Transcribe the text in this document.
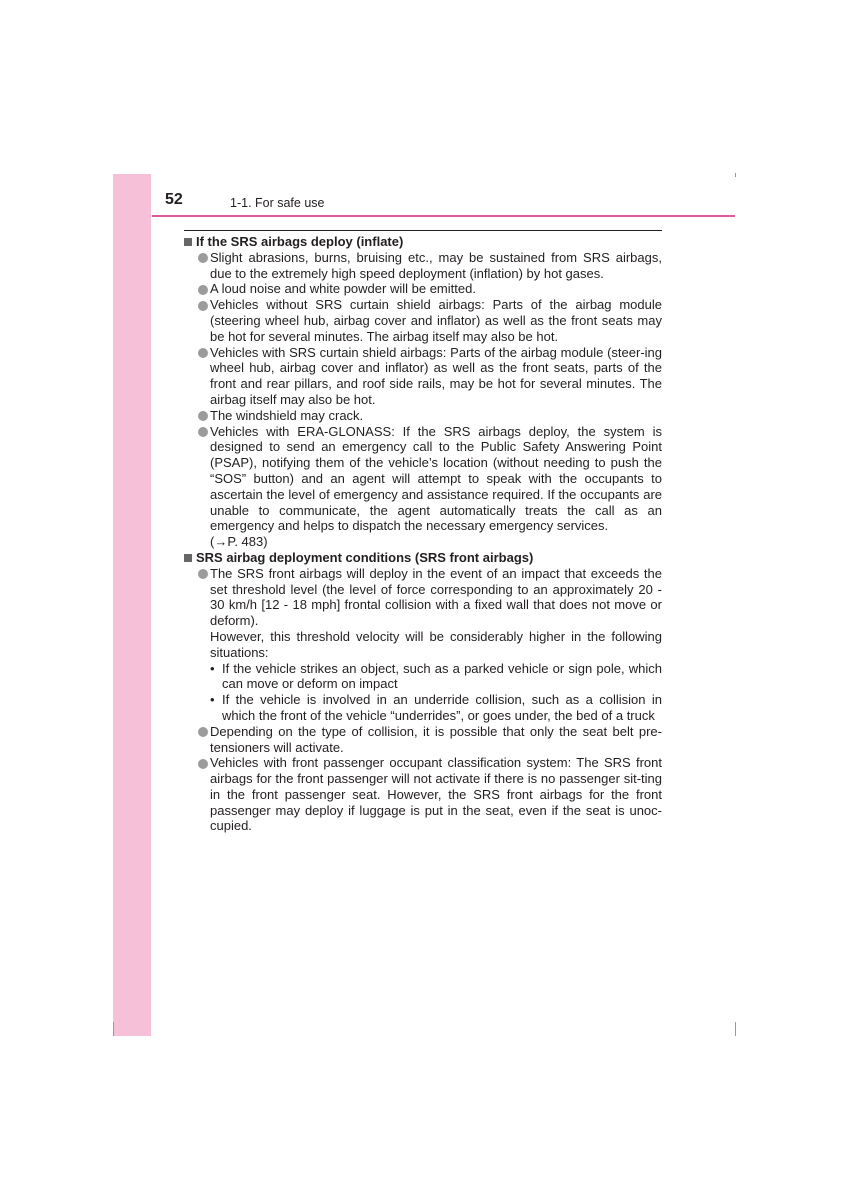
52	1-1. For safe use

If the SRS airbags deploy (inflate)

Slight abrasions, burns, bruising etc., may be sustained from SRS airbags, due to the extremely high speed deployment (inflation) by hot gases.

A loud noise and white powder will be emitted.

Vehicles without SRS curtain shield airbags: Parts of the airbag module (steering wheel hub, airbag cover and inflator) as well as the front seats may be hot for several minutes. The airbag itself may also be hot.

Vehicles with SRS curtain shield airbags: Parts of the airbag module (steer-ing wheel hub, airbag cover and inflator) as well as the front seats, parts of the front and rear pillars, and roof side rails, may be hot for several minutes. The airbag itself may also be hot.

The windshield may crack.

Vehicles with ERA-GLONASS: If the SRS airbags deploy, the system is designed to send an emergency call to the Public Safety Answering Point (PSAP), notifying them of the vehicle’s location (without needing to push the “SOS” button) and an agent will attempt to speak with the occupants to ascertain the level of emergency and assistance required. If the occupants are unable to communicate, the agent automatically treats the call as an emergency and helps to dispatch the necessary emergency services.

(→P. 483)

SRS airbag deployment conditions (SRS front airbags)

The SRS front airbags will deploy in the event of an impact that exceeds the set threshold level (the level of force corresponding to an approximately 20 - 30 km/h [12 - 18 mph] frontal collision with a fixed wall that does not move or deform).

However, this threshold velocity will be considerably higher in the following situations:

• If the vehicle strikes an object, such as a parked vehicle or sign pole, which can move or deform on impact

• If the vehicle is involved in an underride collision, such as a collision in which the front of the vehicle “underrides”, or goes under, the bed of a truck

Depending on the type of collision, it is possible that only the seat belt pre-tensioners will activate.

Vehicles with front passenger occupant classification system: The SRS front airbags for the front passenger will not activate if there is no passenger sit-ting in the front passenger seat. However, the SRS front airbags for the front passenger may deploy if luggage is put in the seat, even if the seat is unoc-cupied.
